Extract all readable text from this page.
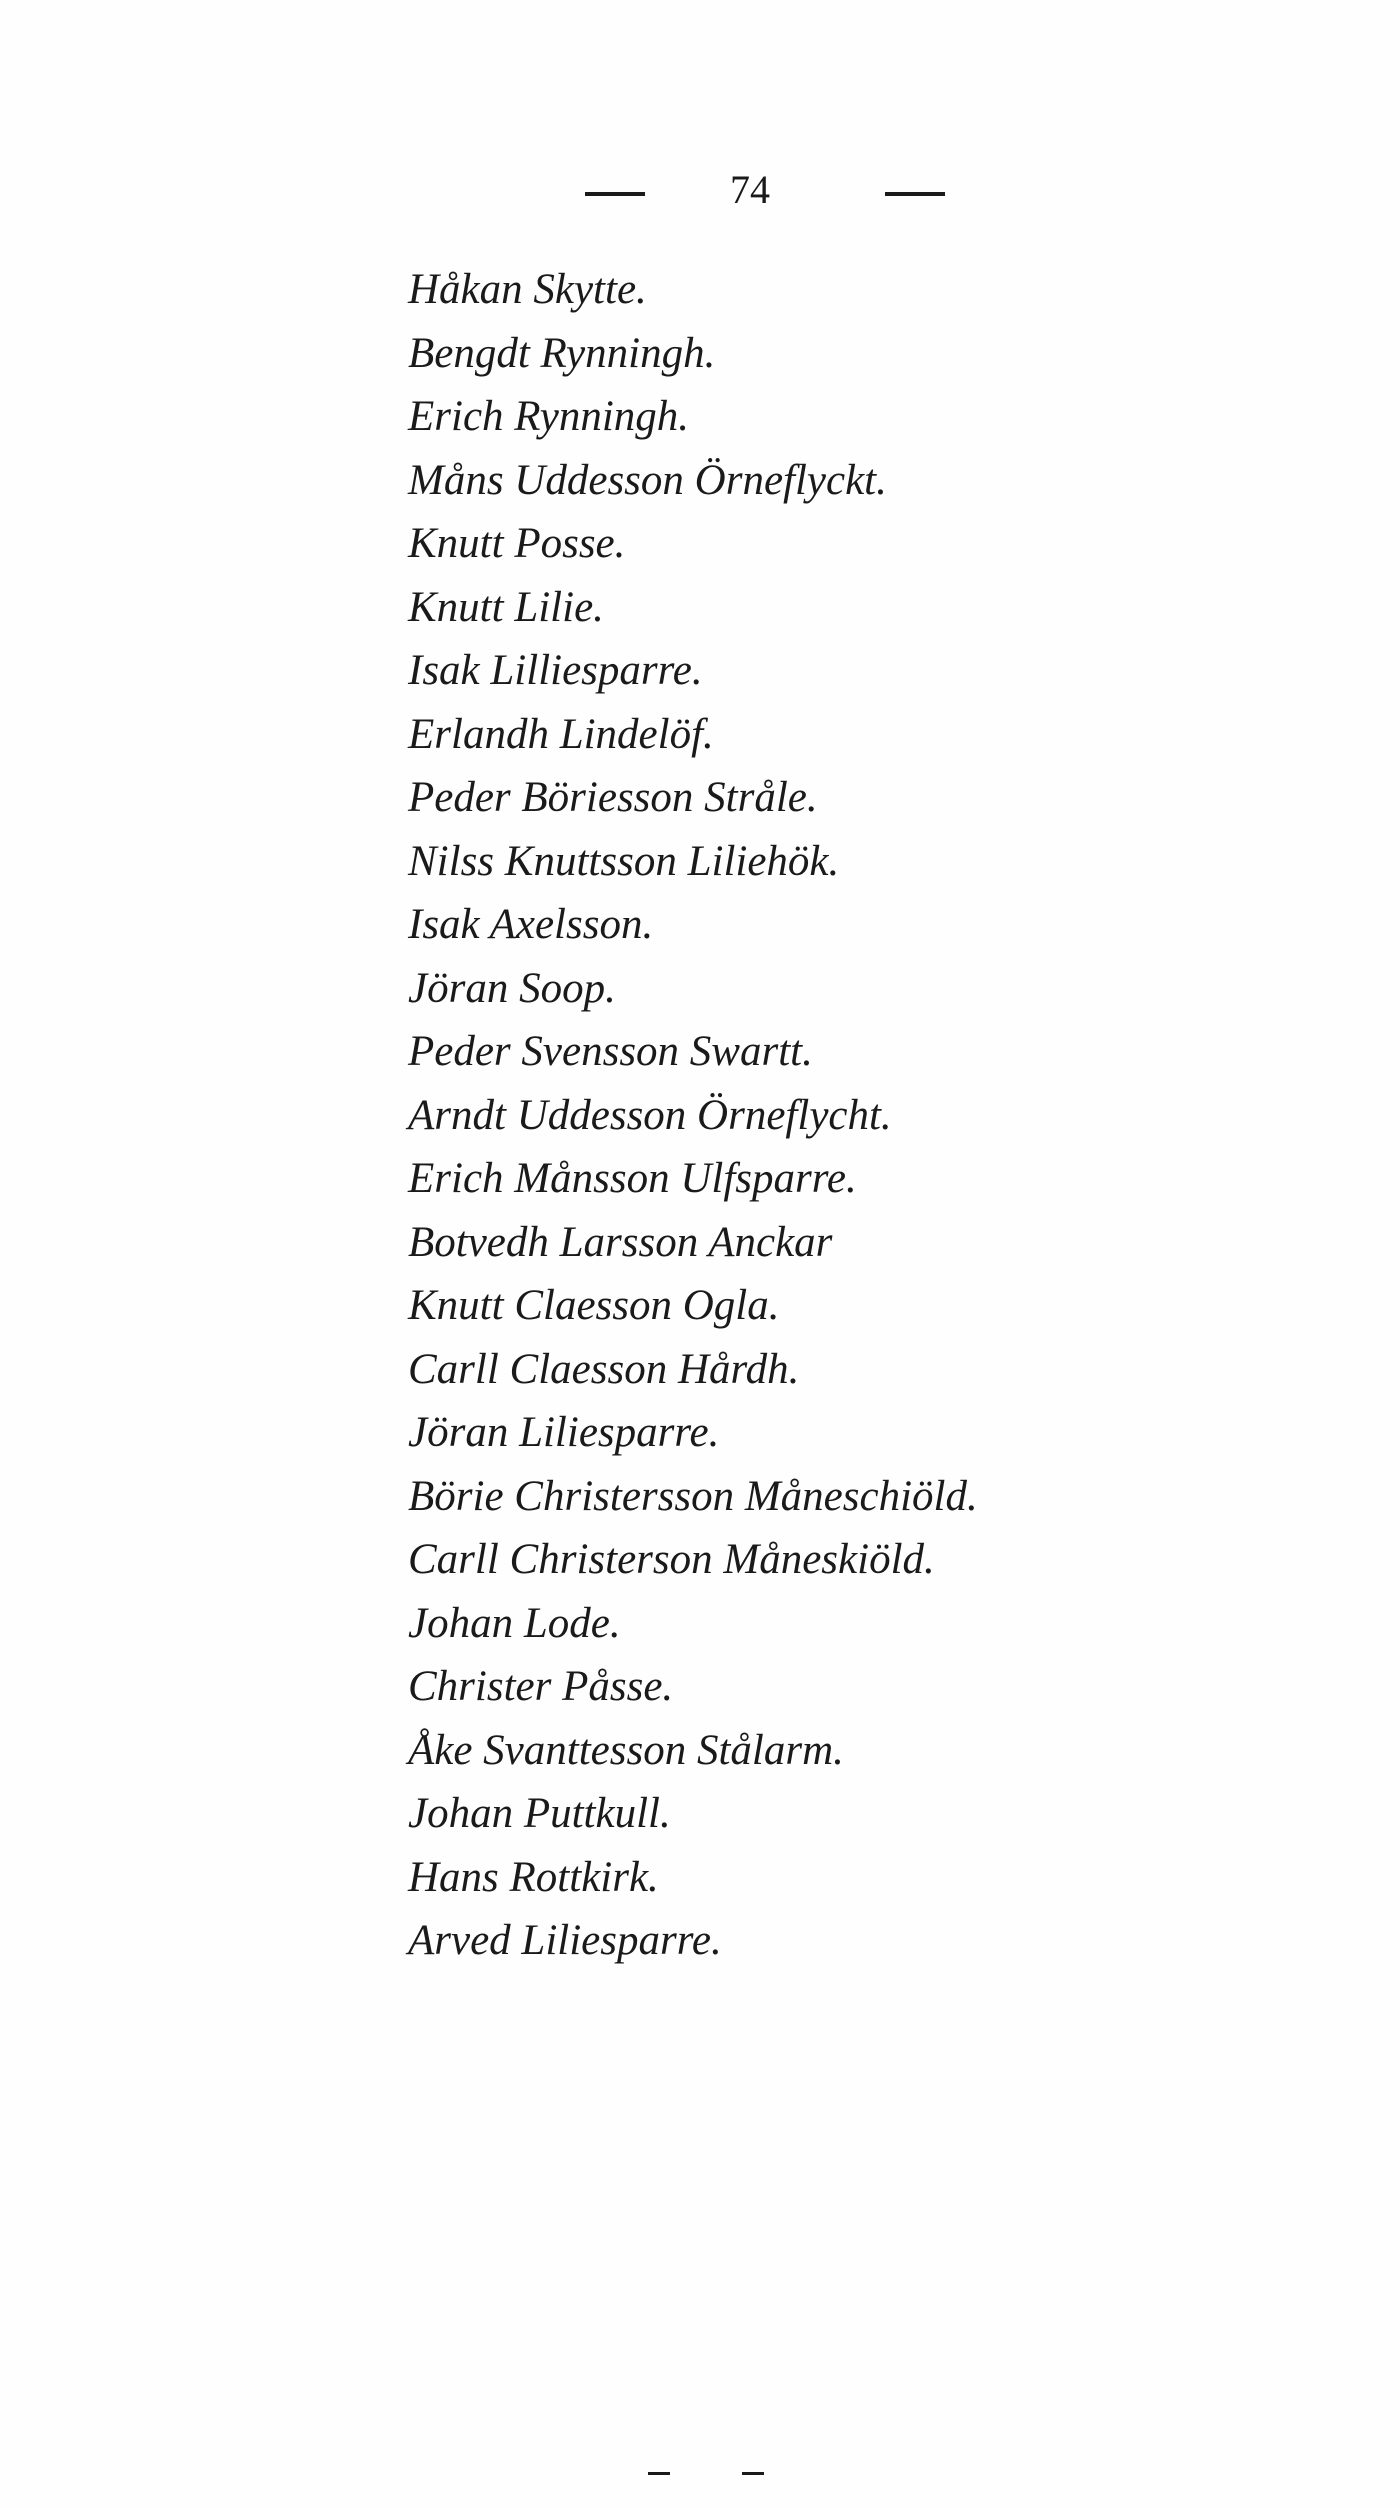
74
Håkan Skytte.
Bengdt Rynningh.
Erich Rynningh.
Måns Uddesson Örneflyckt.
Knutt Posse.
Knutt Lilie.
Isak Lilliesparre.
Erlandh Lindelöf.
Peder Böriesson Stråle.
Nilss Knuttsson Liliehök.
Isak Axelsson.
Jöran Soop.
Peder Svensson Swartt.
Arndt Uddesson Örneflycht.
Erich Månsson Ulfsparre.
Botvedh Larsson Anckar
Knutt Claesson Ogla.
Carll Claesson Hårdh.
Jöran Liliesparre.
Börie Christersson Måneschiöld.
Carll Christerson Måneskiöld.
Johan Lode.
Christer Påsse.
Åke Svanttesson Stålarm.
Johan Puttkull.
Hans Rottkirk.
Arved Liliesparre.
